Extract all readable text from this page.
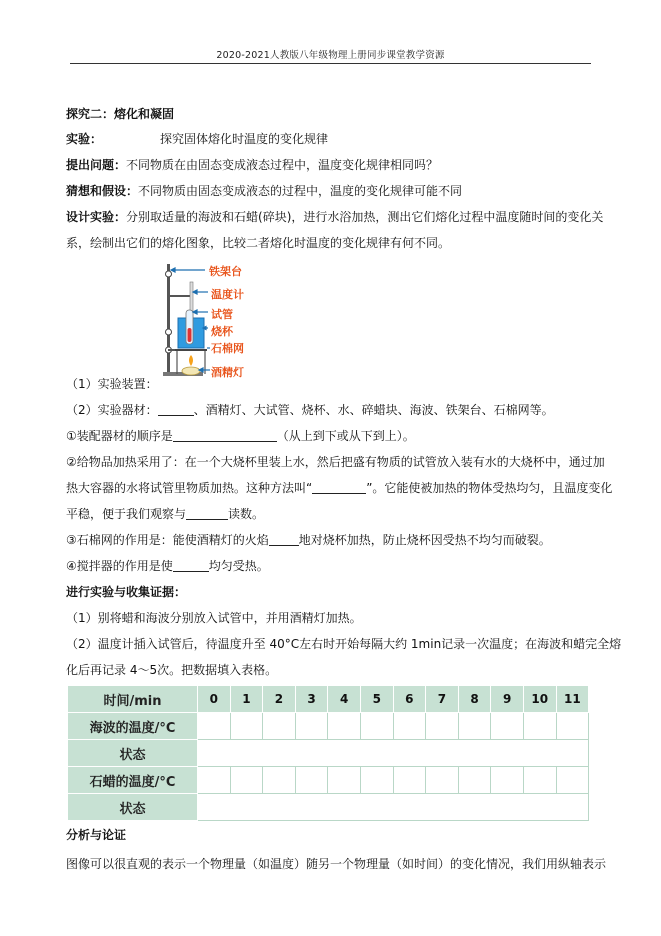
2020-2021人教版八年级物理上册同步课堂教学资源
探究二：熔化和凝固
实验：	探究固体熔化时温度的变化规律
提出问题：不同物质在由固态变成液态过程中，温度变化规律相同吗？
猜想和假设：不同物质由固态变成液态的过程中，温度的变化规律可能不同
设计实验：分别取适量的海波和石蜡(碎块)，进行水浴加热，测出它们熔化过程中温度随时间的变化关
系，绘制出它们的熔化图象，比较二者熔化时温度的变化规律有何不同。
铁架台
温度计
试管
烧杯
石棉网
酒精灯
（1）实验装置：
（2）实验器材：	、酒精灯、大试管、烧杯、水、碎蜡块、海波、铁架台、石棉网等。
①装配器材的顺序是	（从上到下或从下到上）。
②给物品加热采用了：在一个大烧杯里装上水，然后把盛有物质的试管放入装有水的大烧杯中，通过加
热大容器的水将试管里物质加热。这种方法叫“	”。它能使被加热的物体受热均匀，且温度变化
平稳，便于我们观察与	读数。
③石棉网的作用是：能使酒精灯的火焰	地对烧杯加热，防止烧杯因受热不均匀而破裂。
④搅拌器的作用是使	均匀受热。
进行实验与收集证据：
（1）别将蜡和海波分别放入试管中，并用酒精灯加热。
（2）温度计插入试管后，待温度升至 40°C左右时开始每隔大约 1min记录一次温度；在海波和蜡完全熔
化后再记录 4～5次。把数据填入表格。
时间/min	0	1	2	3	4	5	6	7	8	9	10	11
海波的温度/°C												
状态												
石蜡的温度/°C												
状态												
分析与论证
图像可以很直观的表示一个物理量（如温度）随另一个物理量（如时间）的变化情况，我们用纵轴表示
